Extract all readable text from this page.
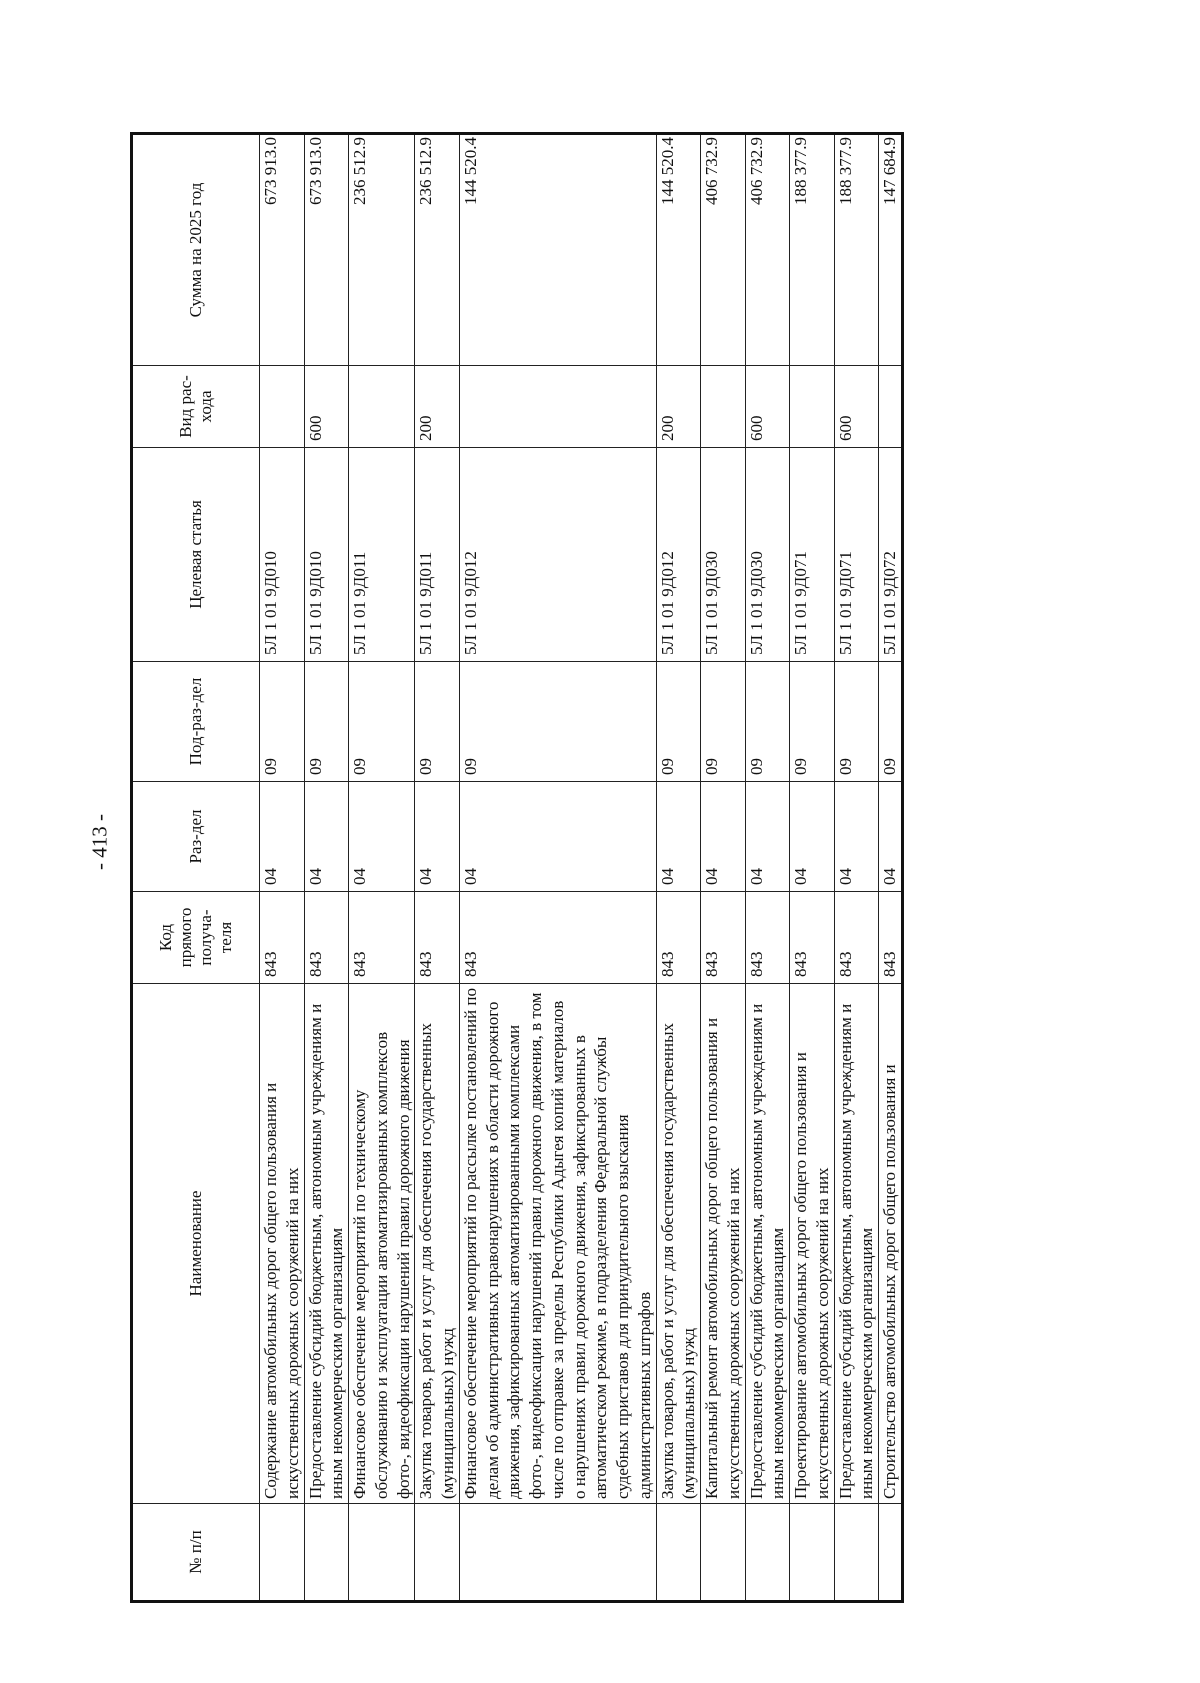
- 413 -
№ п/п	Наименование	Код прямого получа-теля	Раз-дел	Под-раз-дел	Целевая статья	Вид рас-хода	Сумма на 2025 год
	Содержание автомобильных дорог общего пользования и искусственных дорожных сооружений на них	843	04	09	5Л 1 01 9Д010		673 913.0
	Предоставление субсидий бюджетным, автономным учреждениям и иным некоммерческим организациям	843	04	09	5Л 1 01 9Д010	600	673 913.0
	Финансовое обеспечение мероприятий по техническому обслуживанию и эксплуатации автоматизированных комплексов фото-, видеофиксации нарушений правил дорожного движения	843	04	09	5Л 1 01 9Д011		236 512.9
	Закупка товаров, работ и услуг для обеспечения государственных (муниципальных) нужд	843	04	09	5Л 1 01 9Д011	200	236 512.9
	Финансовое обеспечение мероприятий по рассылке постановлений по делам об административных правонарушениях в области дорожного движения, зафиксированных автоматизированными комплексами фото-, видеофиксации нарушений правил дорожного движения, в том числе по отправке за пределы Республики Адыгея копий материалов о нарушениях правил дорожного движения, зафиксированных в автоматическом режиме, в подразделения Федеральной службы судебных приставов для принудительного взыскания административных штрафов	843	04	09	5Л 1 01 9Д012		144 520.4
	Закупка товаров, работ и услуг для обеспечения государственных (муниципальных) нужд	843	04	09	5Л 1 01 9Д012	200	144 520.4
	Капитальный ремонт автомобильных дорог общего пользования и искусственных дорожных сооружений на них	843	04	09	5Л 1 01 9Д030		406 732.9
	Предоставление субсидий бюджетным, автономным учреждениям и иным некоммерческим организациям	843	04	09	5Л 1 01 9Д030	600	406 732.9
	Проектирование автомобильных дорог общего пользования и искусственных дорожных сооружений на них	843	04	09	5Л 1 01 9Д071		188 377.9
	Предоставление субсидий бюджетным, автономным учреждениям и иным некоммерческим организациям	843	04	09	5Л 1 01 9Д071	600	188 377.9
	Строительство автомобильных дорог общего пользования и	843	04	09	5Л 1 01 9Д072		147 684.9
